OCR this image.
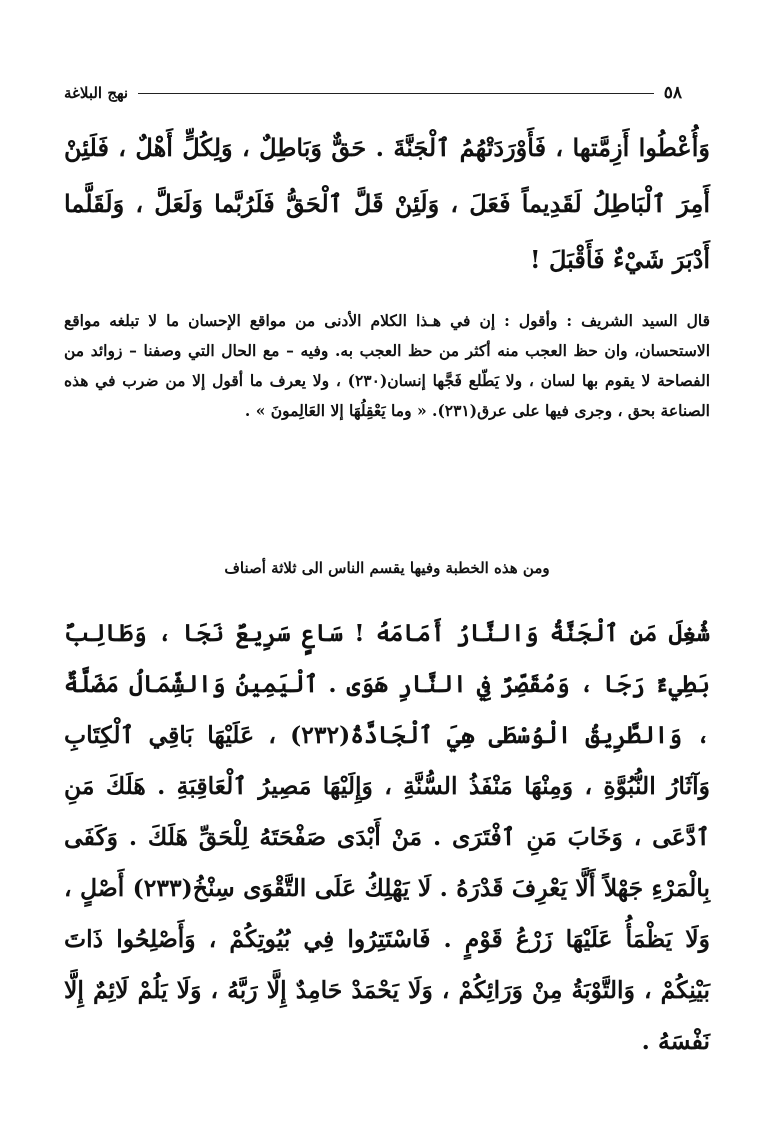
نهج البلاغة	٥٨
وَأُعْطُوا أَزِمَّتها ، فَأَوْرَدَتْهُمُ ٱلْجَنَّةَ . حَقٌّ وَبَاطِلٌ ، وَلِكُلٍّ أَهْلٌ ، فَلَئِنْ أَمِرَ ٱلْبَاطِلُ لَقَدِيماً فَعَلَ ، وَلَئِنْ قَلَّ ٱلْحَقُّ فَلَرُبَّما وَلَعَلَّ ، وَلَقَلَّما أَدْبَرَ شَيْءٌ فَأَقْبَلَ !
قال السيد الشريف : وأقول : إن في هـذا الكلام الأدنى من مواقع الإحسان ما لا تبلغه مواقع الاستحسان، وان حظ العجب منه أكثر من حظ العجب به. وفيه – مع الحال التي وصفنا – زوائد من الفصاحة لا يقوم بها لسان ، ولا يَطّلع فَجَّها إنسان(٢٣٠) ، ولا يعرف ما أقول إلا من ضرب في هذه الصناعة بحق ، وجرى فيها على عرق(٢٣١). « وما يَعْقِلُهَا إلا العَالِمونَ » .
ومن هذه الخطبة وفيها يقسم الناس الى ثلاثة أصناف
شُغِلَ مَنِ ٱلْجَنَّةُ وَالنَّارُ أَمَامَهُ ! سَاعٍ سَرِيعٌ نَجَا ، وَطَالِبٌ بَطِيءٌ رَجَا ، وَمُقَصِّرٌ فِي النَّارِ هَوَى . ٱلْيَمِينُ وَالشِّمَالُ مَضَلَّةٌ ، وَالطَّرِيقُ الْوُسْطَى هِيَ ٱلْجَادَّةُ(٢٣٢) ، عَلَيْهَا بَاقِي ٱلْكِتَابِ وَآثَارُ النُّبُوَّةِ ، وَمِنْهَا مَنْفَذُ السُّنَّةِ ، وَإِلَيْهَا مَصِيرُ ٱلْعَاقِبَةِ . هَلَكَ مَنِ ٱدَّعَى ، وَخَابَ مَنِ ٱفْتَرَى . مَنْ أَبْدَى صَفْحَتَهُ لِلْحَقِّ هَلَكَ . وَكَفَى بِالْمَرْءِ جَهْلاً أَلَّا يَعْرِفَ قَدْرَهُ . لَا يَهْلِكُ عَلَى التَّقْوَى سِنْخُ(٢٣٣) أَصْلٍ ، وَلَا يَظْمَأُ عَلَيْهَا زَرْعُ قَوْمٍ . فَاسْتَتِرُوا فِي بُيُوتِكُمْ ، وَأَصْلِحُوا ذَاتَ بَيْنِكُمْ ، وَالتَّوْبَةُ مِنْ وَرَائِكُمْ ، وَلَا يَحْمَدْ حَامِدٌ إِلَّا رَبَّهُ ، وَلَا يَلُمْ لَائِمٌ إِلَّا نَفْسَهُ .
